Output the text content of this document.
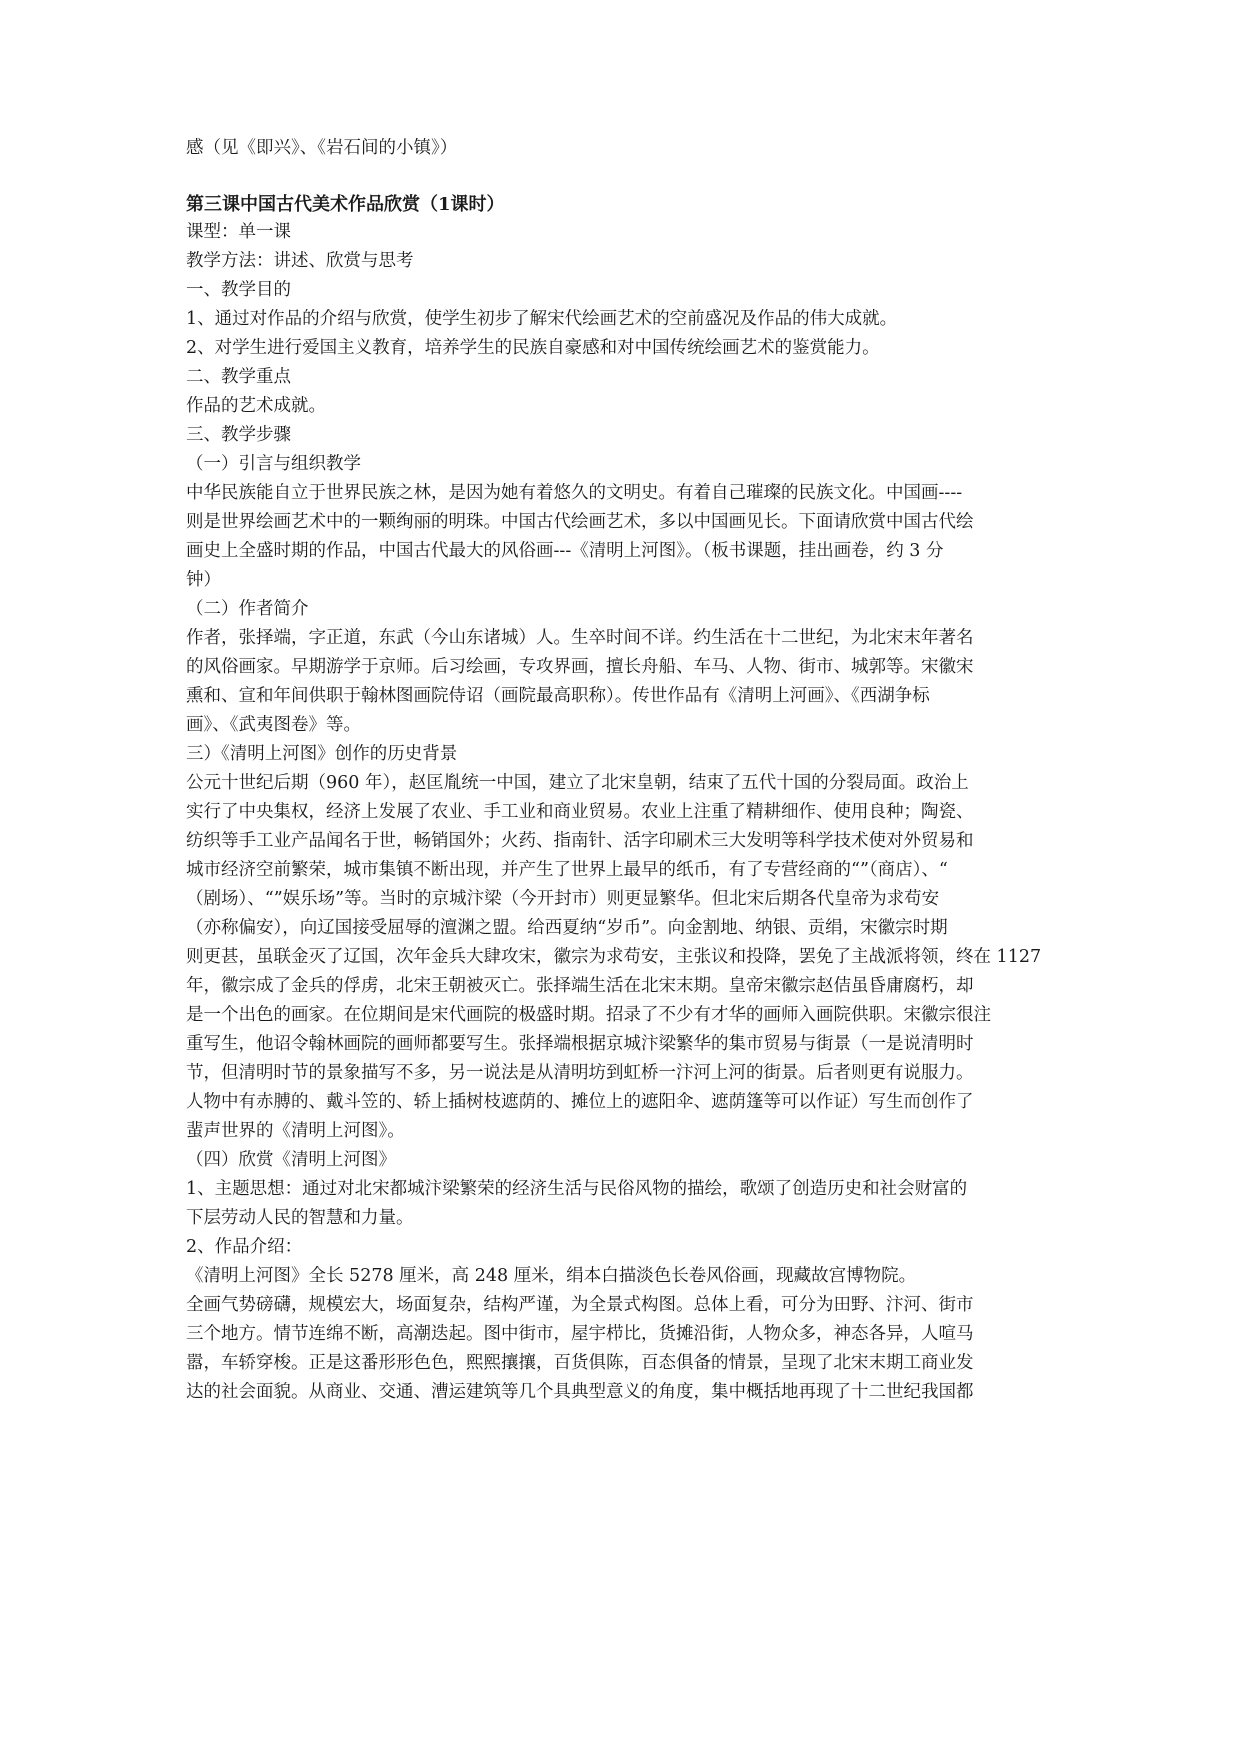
感（见《即兴》、《岩石间的小镇》）
第三课中国古代美术作品欣赏（1课时）
课型：单一课
教学方法：讲述、欣赏与思考
一、教学目的
1、通过对作品的介绍与欣赏，使学生初步了解宋代绘画艺术的空前盛况及作品的伟大成就。
2、对学生进行爱国主义教育，培养学生的民族自豪感和对中国传统绘画艺术的鉴赏能力。
二、教学重点
作品的艺术成就。
三、教学步骤
（一）引言与组织教学
中华民族能自立于世界民族之林，是因为她有着悠久的文明史。有着自己璀璨的民族文化。中国画----
则是世界绘画艺术中的一颗绚丽的明珠。中国古代绘画艺术，多以中国画见长。下面请欣赏中国古代绘
画史上全盛时期的作品，中国古代最大的风俗画---《清明上河图》。（板书课题，挂出画卷，约 3 分
钟）
（二）作者简介
作者，张择端，字正道，东武（今山东诸城）人。生卒时间不详。约生活在十二世纪，为北宋末年著名
的风俗画家。早期游学于京师。后习绘画，专攻界画，擅长舟船、车马、人物、街市、城郭等。宋徽宋
熏和、宣和年间供职于翰林图画院侍诏（画院最高职称）。传世作品有《清明上河画》、《西湖争标
画》、《武夷图卷》等。
三）《清明上河图》创作的历史背景
公元十世纪后期（960 年），赵匡胤统一中国，建立了北宋皇朝，结束了五代十国的分裂局面。政治上
实行了中央集权，经济上发展了农业、手工业和商业贸易。农业上注重了精耕细作、使用良种；陶瓷、
纺织等手工业产品闻名于世，畅销国外；火药、指南针、活字印刷术三大发明等科学技术使对外贸易和
城市经济空前繁荣，城市集镇不断出现，并产生了世界上最早的纸币，有了专营经商的“”（商店）、“
（剧场）、“”娱乐场”等。当时的京城汴梁（今开封市）则更显繁华。但北宋后期各代皇帝为求苟安
（亦称偏安），向辽国接受屈辱的澶渊之盟。给西夏纳“岁币”。向金割地、纳银、贡绢，宋徽宗时期
则更甚，虽联金灭了辽国，次年金兵大肆攻宋，徽宗为求苟安，主张议和投降，罢免了主战派将领，终在 1127
年，徽宗成了金兵的俘虏，北宋王朝被灭亡。张择端生活在北宋末期。皇帝宋徽宗赵佶虽昏庸腐朽，却
是一个出色的画家。在位期间是宋代画院的极盛时期。招录了不少有才华的画师入画院供职。宋徽宗很注
重写生，他诏令翰林画院的画师都要写生。张择端根据京城汴梁繁华的集市贸易与街景（一是说清明时
节，但清明时节的景象描写不多，另一说法是从清明坊到虹桥一汴河上河的街景。后者则更有说服力。
人物中有赤膊的、戴斗笠的、轿上插树枝遮荫的、摊位上的遮阳伞、遮荫篷等可以作证）写生而创作了
蜚声世界的《清明上河图》。
（四）欣赏《清明上河图》
1、主题思想：通过对北宋都城汴梁繁荣的经济生活与民俗风物的描绘，歌颂了创造历史和社会财富的
下层劳动人民的智慧和力量。
2、作品介绍：
《清明上河图》全长 5278 厘米，高 248 厘米，绢本白描淡色长卷风俗画，现藏故宫博物院。
全画气势磅礴，规模宏大，场面复杂，结构严谨，为全景式构图。总体上看，可分为田野、汴河、街市
三个地方。情节连绵不断，高潮迭起。图中街市，屋宇栉比，货摊沿街，人物众多，神态各异，人喧马
嚣，车轿穿梭。正是这番形形色色，熙熙攘攘，百货俱陈，百态俱备的情景，呈现了北宋末期工商业发
达的社会面貌。从商业、交通、漕运建筑等几个具典型意义的角度，集中概括地再现了十二世纪我国都
